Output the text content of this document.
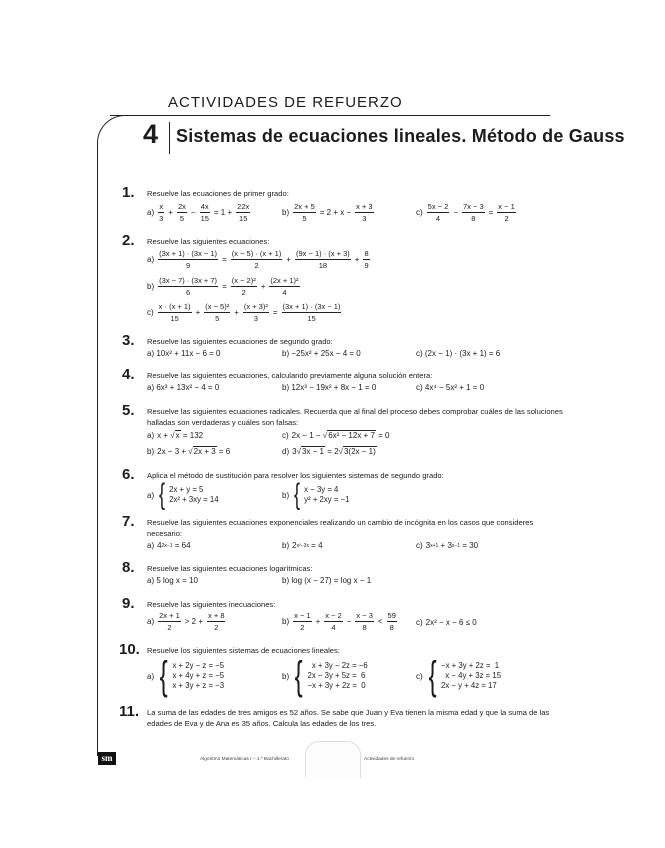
ACTIVIDADES DE REFUERZO
4 Sistemas de ecuaciones lineales. Método de Gauss
1. Resuelve las ecuaciones de primer grado:
$a) \frac{x}{3} + \frac{2x}{5} - \frac{4x}{15} = 1 + \frac{22x}{15}$	$b) \frac{2x + 5}{5} = 2 + x - \frac{x + 3}{3}$	$c) \frac{5x - 2}{4} - \frac{7x - 3}{8} = \frac{x - 1}{2}$
2. Resuelve las siguientes ecuaciones:
$a) \frac{(3x + 1) \cdot (3x - 1)}{9} = \frac{(x - 5) \cdot (x + 1)}{2} + \frac{(9x - 1) \cdot (x + 3)}{18} + \frac{8}{9}$
$b) \frac{(3x - 7) \cdot (3x + 7)}{6} = \frac{\text{(x − 2)²}}{2} + \frac{\text{(2x + 1)²}}{4}$
$c) \frac{x \cdot (x + 1)}{15} + \frac{\text{(x − 5)²}}{5} + \frac{\text{(x + 3)²}}{3} = \frac{(3x + 1) \cdot (3x - 1)}{15}$
3. Resuelve las siguientes ecuaciones de segundo grado:
a) 10x² + 11x − 6 = 0	b) −25x² + 25x − 4 = 0	c) (2x − 1) · (3x + 1) = 6
4. Resuelve las siguientes ecuaciones, calculando previamente alguna solución entera:
a) 6x³ + 13x² − 4 = 0	b) 12x³ − 19x² + 8x − 1 = 0	c) 4x⁴ − 5x² + 1 = 0
5. Resuelve las siguientes ecuaciones radicales. Recuerda que al final del proceso debes comprobar cuáles de las soluciones halladas son verdaderas y cuáles son falsas:
a) x + √ x = 132	c) 2x − 1 − √ 6x² − 12x + 7 = 0
b) 2x − 3 + √ 2x + 3 = 6	d) 3√ 3x − 1 = 2√ 3(2x − 1)
6. Aplica el método de sustitución para resolver los siguientes sistemas de segundo grado:
a) { 2x + y = 5
2x² + 3xy = 14	b) { x − 3y = 4
y² + 2xy = −1
7. Resuelve las siguientes ecuaciones exponenciales realizando un cambio de incógnita en los casos que consideres necesario:
a) 4 2x−1 = 64	b) 2 x²−3x = 4	c) 3 x+1 + 3 x−1 = 30
8. Resuelve las siguientes ecuaciones logarítmicas:
a) 5 log x = 10	b) log (x − 27) = log x − 1
9. Resuelve las siguientes inecuaciones:
$a) \frac{2x + 1}{2} > 2 + \frac{x + 8}{2}$	$b) \frac{x - 1}{2} + \frac{x - 2}{4} - \frac{x - 3}{8} < \frac{59}{8} c$) 2x² − x − 6 ≤ 0
10. Resuelve los siguientes sistemas de ecuaciones lineales:
a) { x + 2y − z = −5
x + 4y + z = −5
x + 3y + z = −3
b) { x + 3y − 2z = −6
2x − 3y + 5z =  6
−x + 3y + 2z =  0
c) { −x + 3y + 2z =  1
x − 4y + 3z = 15
2x − y + 4z = 17
11. La suma de las edades de tres amigos es 52 años. Se sabe que Juan y Eva tienen la misma edad y que la suma de las edades de Eva y de Ana es 35 años. Calcula las edades de los tres.
sm	Algoritmo Matemáticas I – 1.º Bachillerato	Actividades de refuerzo
